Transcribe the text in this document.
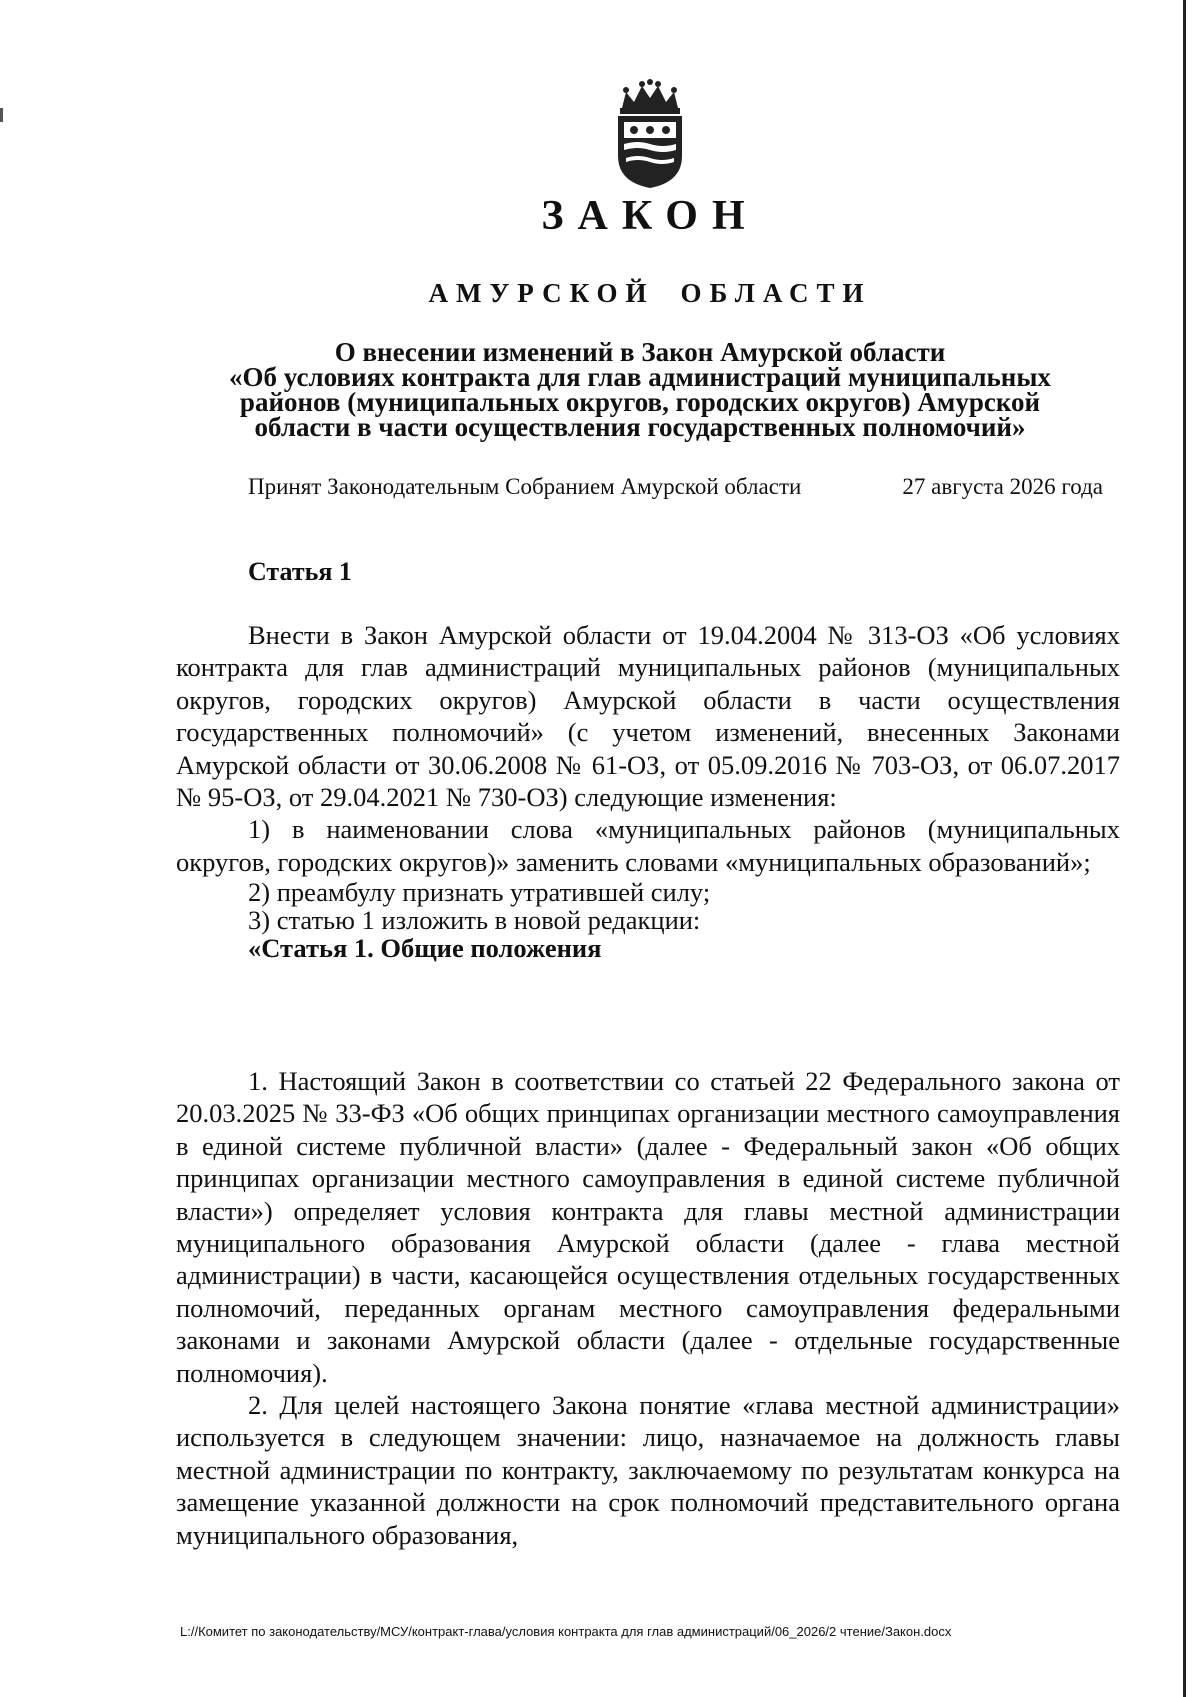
ЗАКОН
АМУРСКОЙ ОБЛАСТИ
О внесении изменений в Закон Амурской области
«Об условиях контракта для глав администраций муниципальных
районов (муниципальных округов, городских округов) Амурской
области в части осуществления государственных полномочий»
Принят Законодательным Собранием Амурской области	27 августа 2026 года
Статья 1

Внести в Закон Амурской области от 19.04.2004 № 313-ОЗ «Об условиях контракта для глав администраций муниципальных районов (муниципальных округов, городских округов) Амурской области в части осуществления государственных полномочий» (с учетом изменений, внесенных Законами Амурской области от 30.06.2008 № 61-ОЗ, от 05.09.2016 № 703-ОЗ, от 06.07.2017 № 95-ОЗ, от 29.04.2021 № 730-ОЗ) следующие изменения:

1) в наименовании слова «муниципальных районов (муниципальных округов, городских округов)» заменить словами «муниципальных образований»;

2) преамбулу признать утратившей силу;

3) статью 1 изложить в новой редакции:

«Статья 1. Общие положения

1. Настоящий Закон в соответствии со статьей 22 Федерального закона от 20.03.2025 № 33-ФЗ «Об общих принципах организации местного самоуправления в единой системе публичной власти» (далее - Федеральный закон «Об общих принципах организации местного самоуправления в единой системе публичной власти») определяет условия контракта для главы местной администрации муниципального образования Амурской области (далее - глава местной администрации) в части, касающейся осуществления отдельных государственных полномочий, переданных органам местного самоуправления федеральными законами и законами Амурской области (далее - отдельные государственные полномочия).

2. Для целей настоящего Закона понятие «глава местной администрации» используется в следующем значении: лицо, назначаемое на должность главы местной администрации по контракту, заключаемому по результатам конкурса на замещение указанной должности на срок полномочий представительного органа муниципального образования,

L://Комитет по законодательству/МСУ/контракт-глава/условия контракта для глав администраций/06_2026/2 чтение/Закон.docx
